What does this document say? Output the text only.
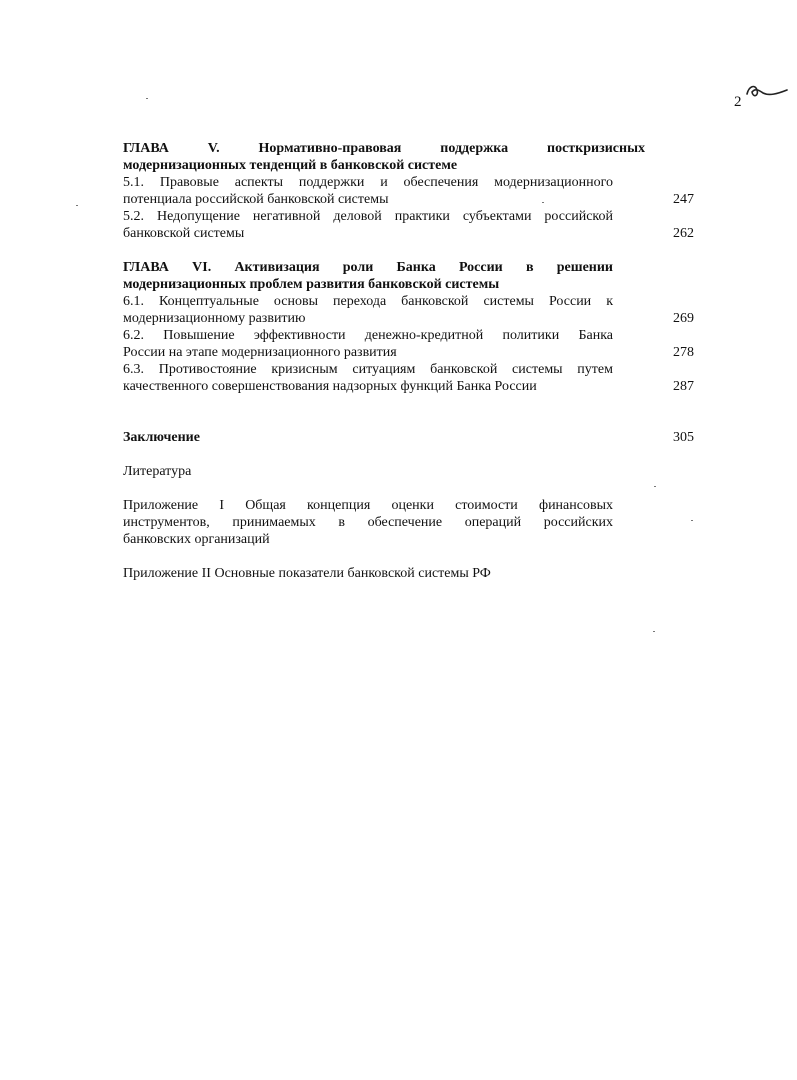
2
ГЛАВА V. Нормативно-правовая поддержка посткризисных
модернизационных тенденций в банковской системе
5.1. Правовые аспекты поддержки и обеспечения модернизационного
потенциала российской банковской системы	247
5.2. Недопущение негативной деловой практики субъектами российской
банковской системы	262
ГЛАВА VI. Активизация роли Банка России в решении
модернизационных проблем развития банковской системы
6.1. Концептуальные основы перехода банковской системы России к
модернизационному развитию	269
6.2. Повышение эффективности денежно-кредитной политики Банка
России на этапе модернизационного развития	278
6.3. Противостояние кризисным ситуациям банковской системы путем
качественного совершенствования надзорных функций Банка России	287
Заключение	305
Литература
Приложение I Общая концепция оценки стоимости финансовых
инструментов, принимаемых в обеспечение операций российских
банковских организаций
Приложение II Основные показатели банковской системы РФ
